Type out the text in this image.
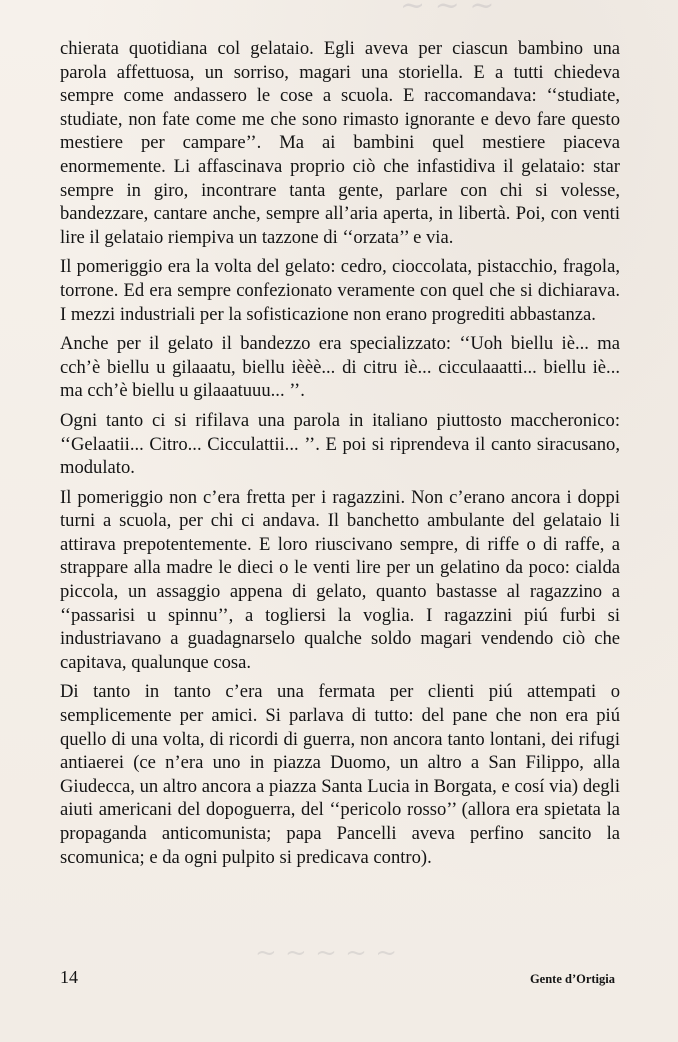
~ ~ ~
~ ~ ~ ~ ~

chierata quotidiana col gelataio. Egli aveva per ciascun bambino una parola affettuosa, un sorriso, magari una storiella. E a tutti chiedeva sempre come andassero le cose a scuola. E raccomandava: ‘‘studiate, studiate, non fate come me che sono rimasto ignorante e devo fare questo mestiere per campare’’. Ma ai bambini quel mestiere piaceva enormemente. Li affascinava proprio ciò che infastidiva il gelataio: star sempre in giro, incontrare tanta gente, parlare con chi si volesse, bandezzare, cantare anche, sempre all’aria aperta, in libertà. Poi, con venti lire il gelataio riempiva un tazzone di ‘‘orzata’’ e via.

Il pomeriggio era la volta del gelato: cedro, cioccolata, pistacchio, fragola, torrone. Ed era sempre confezionato veramente con quel che si dichiarava. I mezzi industriali per la sofisticazione non erano progrediti abbastanza.

Anche per il gelato il bandezzo era specializzato: ‘‘Uoh biellu iè... ma cch’è biellu u gilaaatu, biellu ièèè... di citru iè... cicculaaatti... biellu iè... ma cch’è biellu u gilaaatuuu... ’’.

Ogni tanto ci si rifilava una parola in italiano piuttosto maccheronico: ‘‘Gelaatii... Citro... Cicculattii... ’’. E poi si riprendeva il canto siracusano, modulato.

Il pomeriggio non c’era fretta per i ragazzini. Non c’erano ancora i doppi turni a scuola, per chi ci andava. Il banchetto ambulante del gelataio li attirava prepotentemente. E loro riuscivano sempre, di riffe o di raffe, a strappare alla madre le dieci o le venti lire per un gelatino da poco: cialda piccola, un assaggio appena di gelato, quanto bastasse al ragazzino a ‘‘passarisi u spinnu’’, a togliersi la voglia. I ragazzini piú furbi si industriavano a guadagnarselo qualche soldo magari vendendo ciò che capitava, qualunque cosa.

Di tanto in tanto c’era una fermata per clienti piú attempati o semplicemente per amici. Si parlava di tutto: del pane che non era piú quello di una volta, di ricordi di guerra, non ancora tanto lontani, dei rifugi antiaerei (ce n’era uno in piazza Duomo, un altro a San Filippo, alla Giudecca, un altro ancora a piazza Santa Lucia in Borgata, e cosí via) degli aiuti americani del dopoguerra, del ‘‘pericolo rosso’’ (allora era spietata la propaganda anticomunista; papa Pancelli aveva perfino sancito la scomunica; e da ogni pulpito si predicava contro).

14	Gente d’Ortigia
